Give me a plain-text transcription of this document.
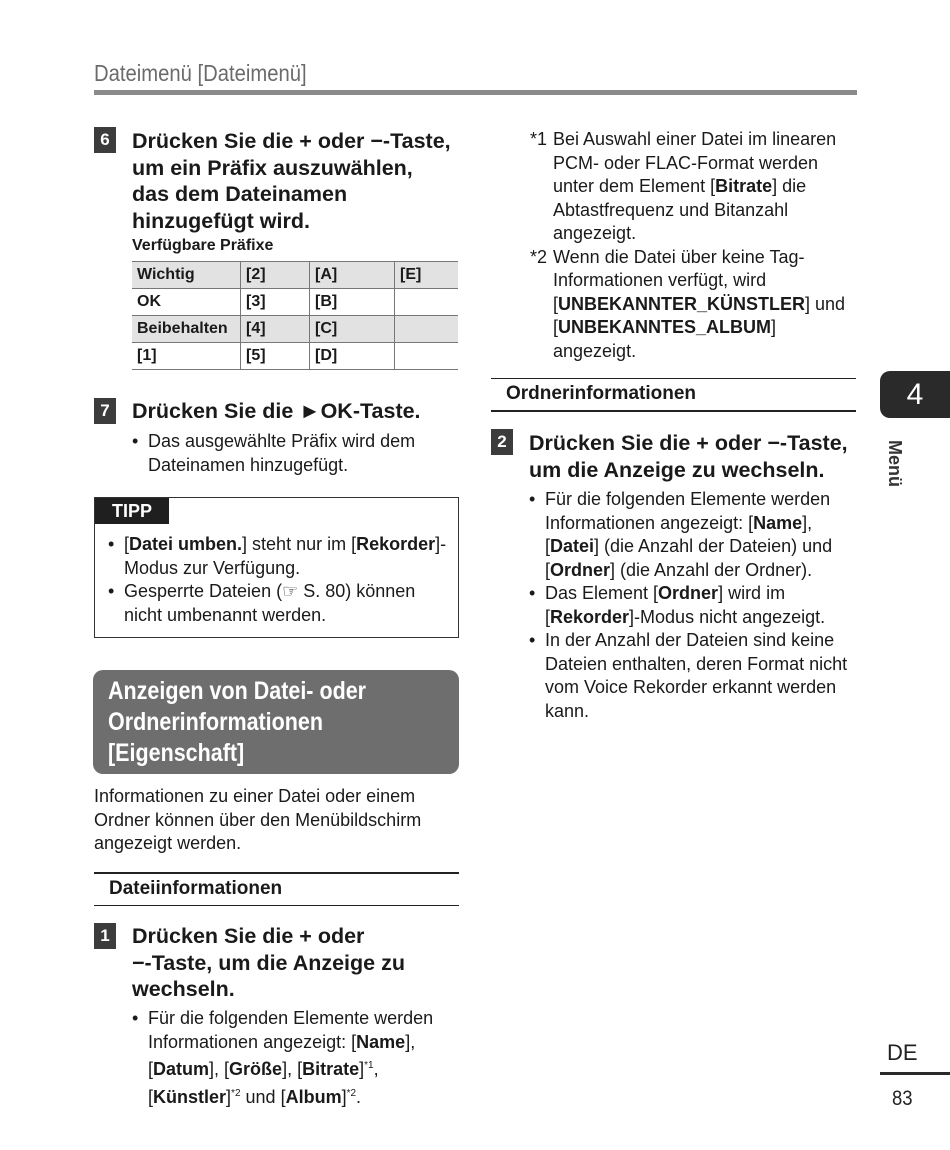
Dateimenü [Dateimenü]
6 Drücken Sie die + oder −-Taste,
um ein Präfix auszuwählen,
das dem Dateinamen
hinzugefügt wird.
Verfügbare Präfixe
Wichtig	[2]	[A]	[E]
OK	[3]	[B]	
Beibehalten	[4]	[C]	
[1]	[5]	[D]	
7 Drücken Sie die ►OK-Taste.
• Das ausgewählte Präfix wird dem Dateinamen hinzugefügt.
TIPP
• [Datei umben.] steht nur im [Rekorder]-Modus zur Verfügung.
• Gesperrte Dateien (☞ S. 80) können nicht umbenannt werden.
Anzeigen von Datei- oder
Ordnerinformationen
[Eigenschaft]
Informationen zu einer Datei oder einem Ordner können über den Menübildschirm angezeigt werden.
Dateiinformationen
1 Drücken Sie die + oder
−-Taste, um die Anzeige zu
wechseln.
• Für die folgenden Elemente werden Informationen angezeigt: [Name], [Datum], [Größe], [Bitrate]$^{*1}$, [Künstler]$^{*2}$ und [Album]$^{*2}$.
*1 Bei Auswahl einer Datei im linearen PCM- oder FLAC-Format werden unter dem Element [Bitrate] die Abtastfrequenz und Bitanzahl angezeigt.
*2 Wenn die Datei über keine Tag-Informationen verfügt, wird [UNBEKANNTER_KÜNSTLER] und [UNBEKANNTES_ALBUM] angezeigt.
Ordnerinformationen
2 Drücken Sie die + oder −-Taste,
um die Anzeige zu wechseln.
• Für die folgenden Elemente werden Informationen angezeigt: [Name], [Datei] (die Anzahl der Dateien) und [Ordner] (die Anzahl der Ordner).
• Das Element [Ordner] wird im [Rekorder]-Modus nicht angezeigt.
• In der Anzahl der Dateien sind keine Dateien enthalten, deren Format nicht vom Voice Rekorder erkannt werden kann.
4
Menü
DE
83
